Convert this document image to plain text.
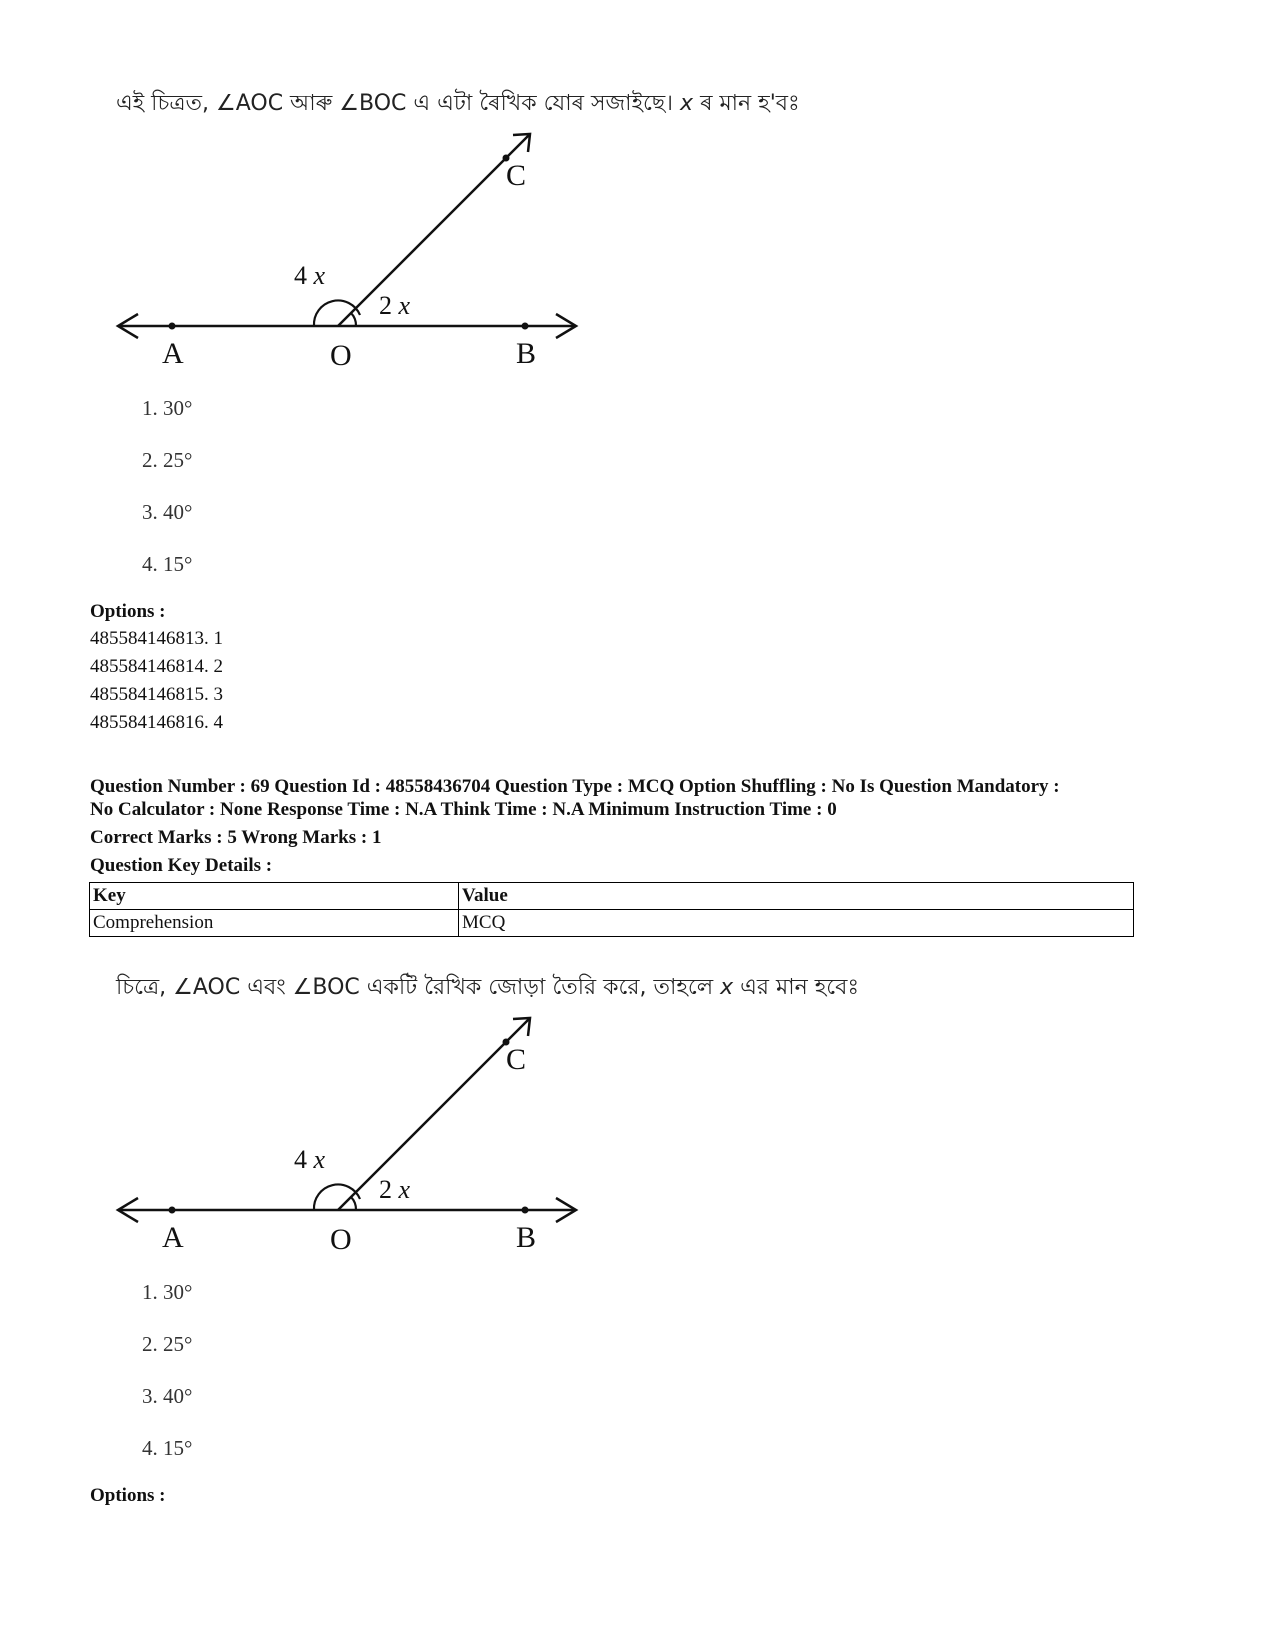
এই চিত্ৰত, ∠AOC আৰু ∠BOC এ এটা ৰৈখিক যোৰ সজাইছে। x ৰ মান হ'বঃ
A	O	B
C
4 x
2 x
1. 30°
2. 25°
3. 40°
4. 15°
Options :
485584146813. 1
485584146814. 2
485584146815. 3
485584146816. 4
Question Number : 69 Question Id : 48558436704 Question Type : MCQ Option Shuffling : No Is Question Mandatory :
No Calculator : None Response Time : N.A Think Time : N.A Minimum Instruction Time : 0
Correct Marks : 5 Wrong Marks : 1
Question Key Details :
Key	Value
Comprehension	MCQ
চিত্রে, ∠AOC এবং ∠BOC একটি রৈখিক জোড়া তৈরি করে, তাহলে x এর মান হবেঃ
A	O	B
C
4 x
2 x
1. 30°
2. 25°
3. 40°
4. 15°
Options :
